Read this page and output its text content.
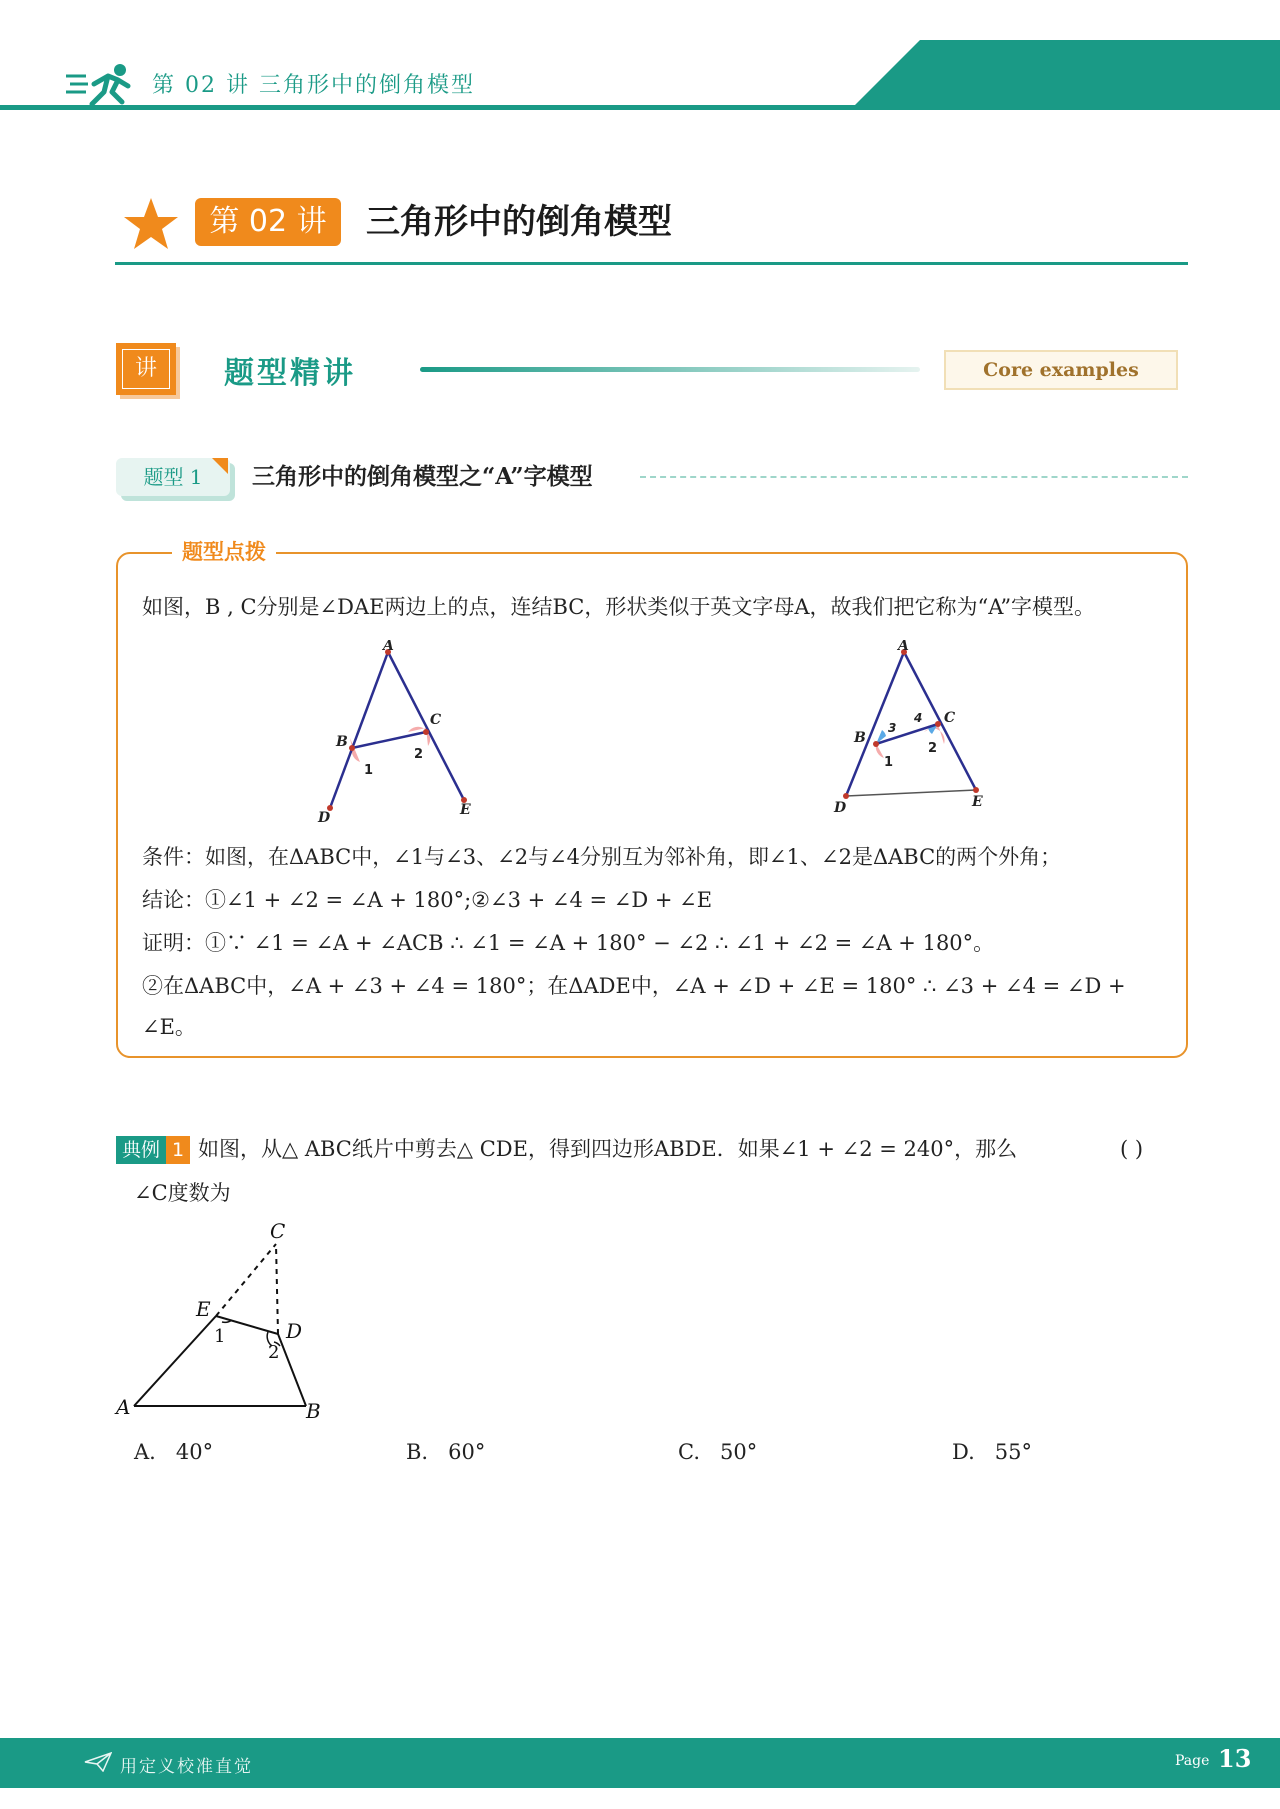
第 02 讲 三角形中的倒角模型
第 02 讲	三角形中的倒角模型
讲	题型精讲	Core examples
题型 1	三角形中的倒角模型之“A”字模型
题型点拨
如图，B , C分别是∠DAE两边上的点，连结BC，形状类似于英文字母A，故我们把它称为“A”字模型。
A
B
C
D	E
1
2
A
B
C
D	E
1
2
3
4
条件：如图，在ΔABC中，∠1与∠3、∠2与∠4分别互为邻补角，即∠1、∠2是ΔABC的两个外角；
结论：①∠1 + ∠2 = ∠A + 180°;②∠3 + ∠4 = ∠D + ∠E
证明：①∵ ∠1 = ∠A + ∠ACB ∴ ∠1 = ∠A + 180° − ∠2 ∴ ∠1 + ∠2 = ∠A + 180°。
②在ΔABC中，∠A + ∠3 + ∠4 = 180°；在ΔADE中，∠A + ∠D + ∠E = 180° ∴ ∠3 + ∠4 = ∠D +
∠E。
典例 1 如图，从△ ABC纸片中剪去△ CDE，得到四边形ABDE．如果∠1 + ∠2 = 240°，那么	( )
∠C度数为
C
E
D
A	B
1
2
A. 40°	B. 60°	C. 50°	D. 55°
用定义校准直觉	Page 13
